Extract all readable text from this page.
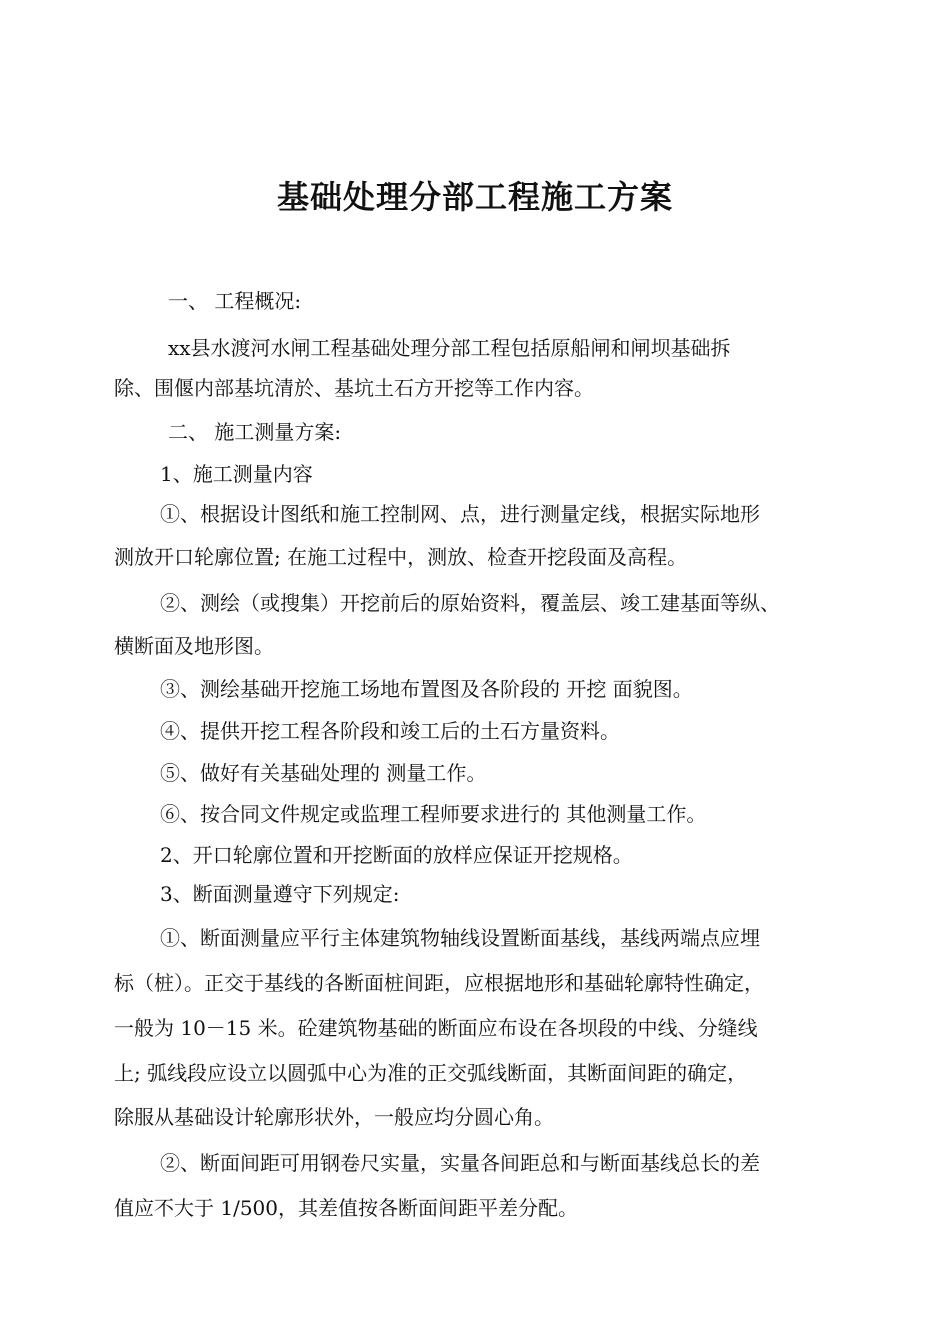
基础处理分部工程施工方案

一、 工程概况:

xx县水渡河水闸工程基础处理分部工程包括原船闸和闸坝基础拆

除、围偃内部基坑清於、基坑土石方开挖等工作内容。

二、 施工测量方案:

1、施工测量内容

①、根据设计图纸和施工控制网、点，进行测量定线，根据实际地形

测放开口轮廓位置; 在施工过程中，测放、检查开挖段面及高程。

②、测绘（或搜集）开挖前后的原始资料，覆盖层、竣工建基面等纵、

横断面及地形图。

③、测绘基础开挖施工场地布置图及各阶段的 开挖 面貌图。

④、提供开挖工程各阶段和竣工后的土石方量资料。

⑤、做好有关基础处理的 测量工作。

⑥、按合同文件规定或监理工程师要求进行的 其他测量工作。

2、开口轮廓位置和开挖断面的放样应保证开挖规格。

3、断面测量遵守下列规定:

①、断面测量应平行主体建筑物轴线设置断面基线，基线两端点应埋

标（桩）。正交于基线的各断面桩间距，应根据地形和基础轮廓特性确定，

一般为 10－15 米。砼建筑物基础的断面应布设在各坝段的中线、分缝线

上; 弧线段应设立以圆弧中心为准的正交弧线断面，其断面间距的确定，

除服从基础设计轮廓形状外，一般应均分圆心角。

②、断面间距可用钢卷尺实量，实量各间距总和与断面基线总长的差

值应不大于 1/500，其差值按各断面间距平差分配。
